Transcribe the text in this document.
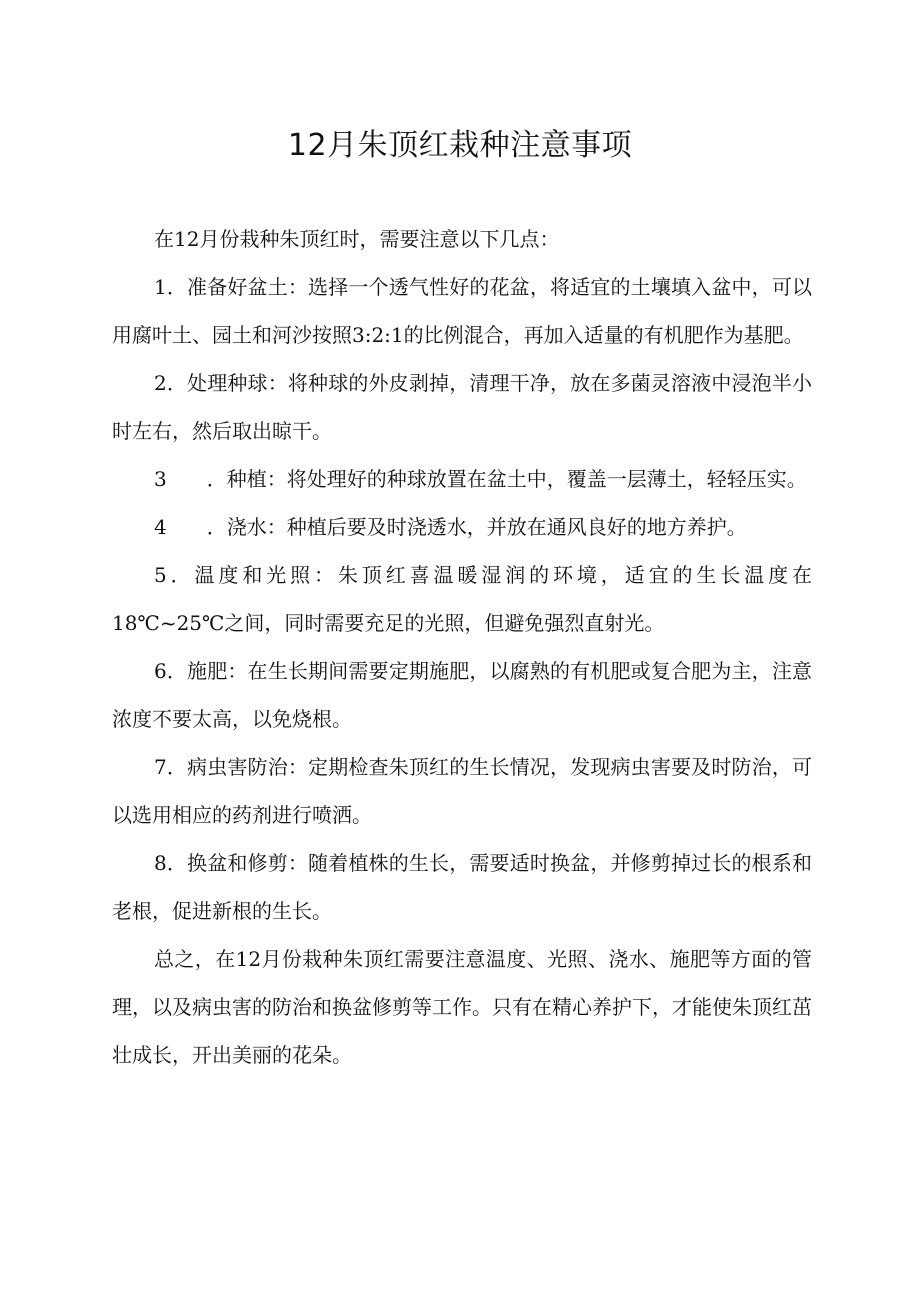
12月朱顶红栽种注意事项

在12月份栽种朱顶红时，需要注意以下几点：

1．准备好盆土：选择一个透气性好的花盆，将适宜的土壤填入盆中，可以用腐叶土、园土和河沙按照3:2:1的比例混合，再加入适量的有机肥作为基肥。

2．处理种球：将种球的外皮剥掉，清理干净，放在多菌灵溶液中浸泡半小时左右，然后取出晾干。

3　　．种植：将处理好的种球放置在盆土中，覆盖一层薄土，轻轻压实。

4　　．浇水：种植后要及时浇透水，并放在通风良好的地方养护。

5．温度和光照：朱顶红喜温暖湿润的环境，适宜的生长温度在18℃~25℃之间，同时需要充足的光照，但避免强烈直射光。

6．施肥：在生长期间需要定期施肥，以腐熟的有机肥或复合肥为主，注意浓度不要太高，以免烧根。

7．病虫害防治：定期检查朱顶红的生长情况，发现病虫害要及时防治，可以选用相应的药剂进行喷洒。

8．换盆和修剪：随着植株的生长，需要适时换盆，并修剪掉过长的根系和老根，促进新根的生长。

总之，在12月份栽种朱顶红需要注意温度、光照、浇水、施肥等方面的管理，以及病虫害的防治和换盆修剪等工作。只有在精心养护下，才能使朱顶红茁壮成长，开出美丽的花朵。
